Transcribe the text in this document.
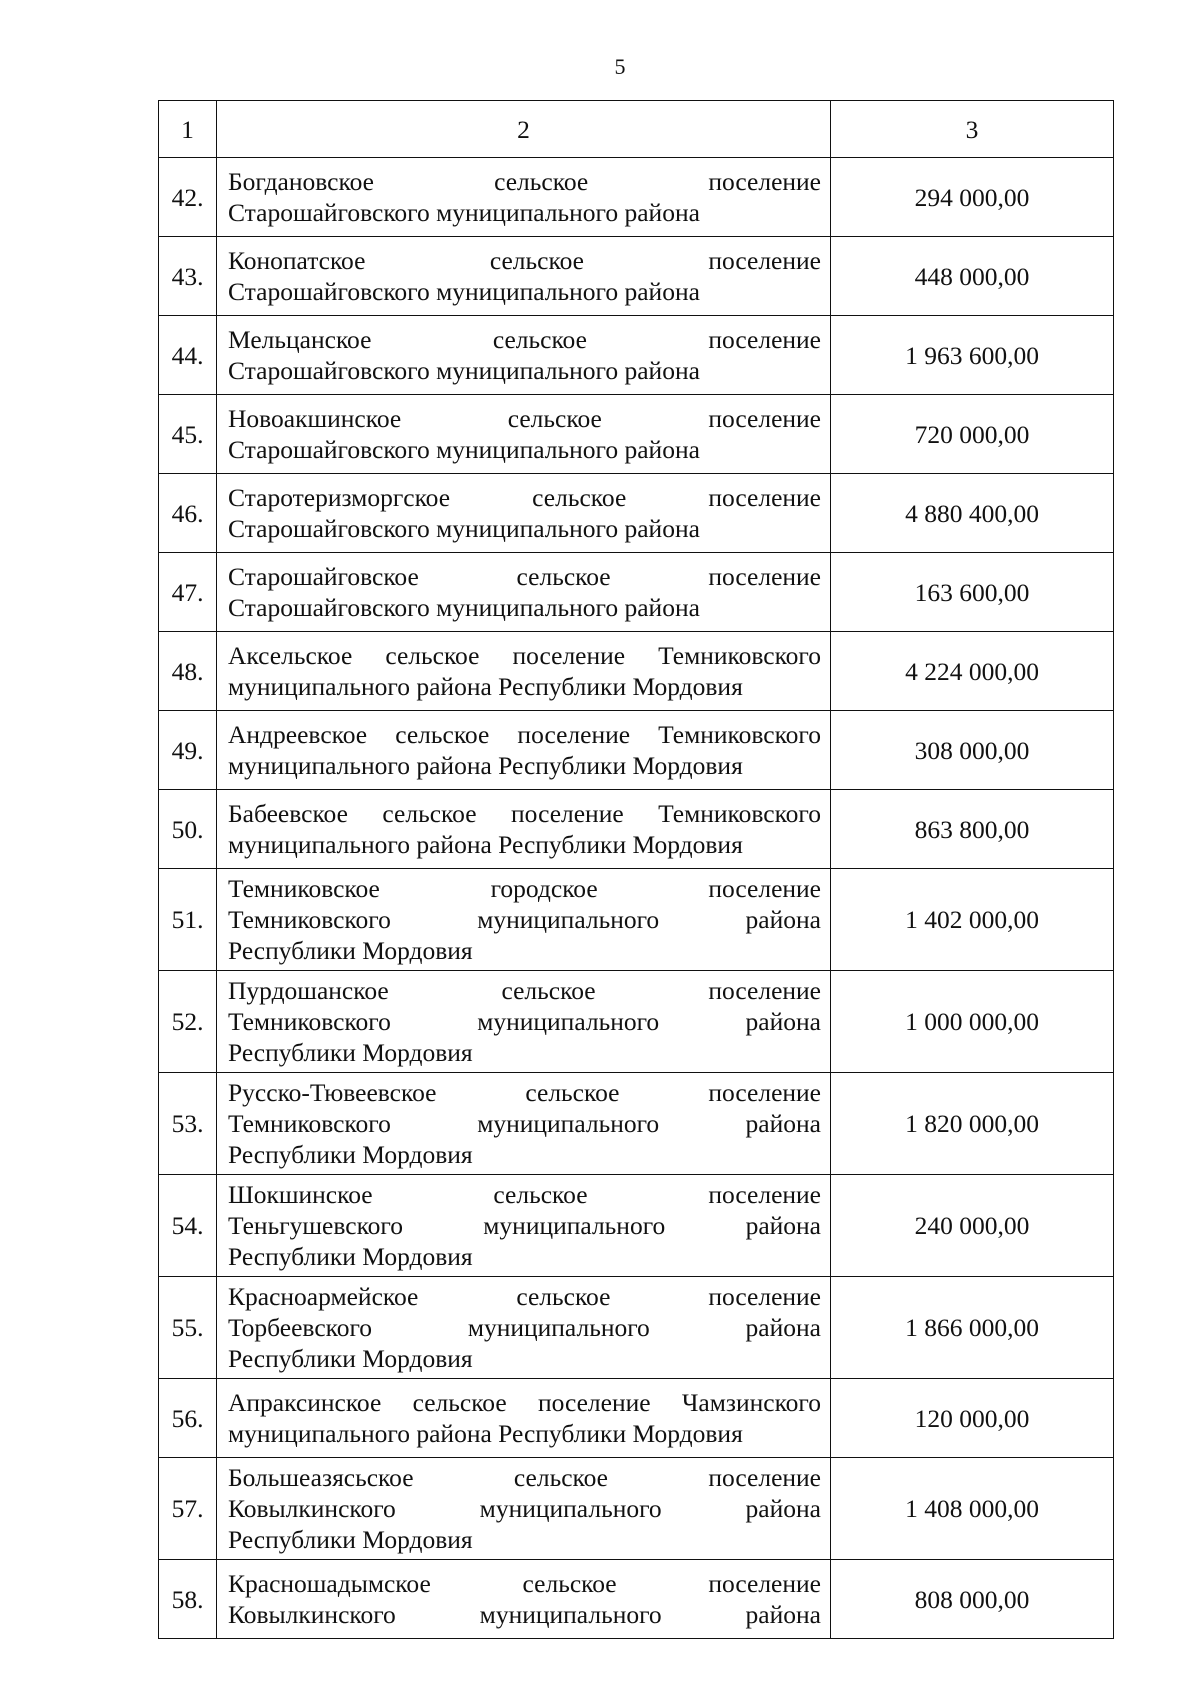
5
1	2	3
42.	Богдановское сельское поселение
Старошайговского муниципального района	294 000,00
43.	Конопатское сельское поселение
Старошайговского муниципального района	448 000,00
44.	Мельцанское сельское поселение
Старошайговского муниципального района	1 963 600,00
45.	Новоакшинское сельское поселение
Старошайговского муниципального района	720 000,00
46.	Старотеризморгское сельское поселение
Старошайговского муниципального района	4 880 400,00
47.	Старошайговское сельское поселение
Старошайговского муниципального района	163 600,00
48.	Аксельское сельское поселение Темниковского
муниципального района Республики Мордовия	4 224 000,00
49.	Андреевское сельское поселение Темниковского
муниципального района Республики Мордовия	308 000,00
50.	Бабеевское сельское поселение Темниковского
муниципального района Республики Мордовия	863 800,00
51.	Темниковское городское поселение
Темниковского муниципального района
Республики Мордовия	1 402 000,00
52.	Пурдошанское сельское поселение
Темниковского муниципального района
Республики Мордовия	1 000 000,00
53.	Русско-Тювеевское сельское поселение
Темниковского муниципального района
Республики Мордовия	1 820 000,00
54.	Шокшинское сельское поселение
Теньгушевского муниципального района
Республики Мордовия	240 000,00
55.	Красноармейское сельское поселение
Торбеевского муниципального района
Республики Мордовия	1 866 000,00
56.	Апраксинское сельское поселение Чамзинского
муниципального района Республики Мордовия	120 000,00
57.	Большеазясьское сельское поселение
Ковылкинского муниципального района
Республики Мордовия	1 408 000,00
58.	Красношадымское сельское поселение
Ковылкинского муниципального района	808 000,00
